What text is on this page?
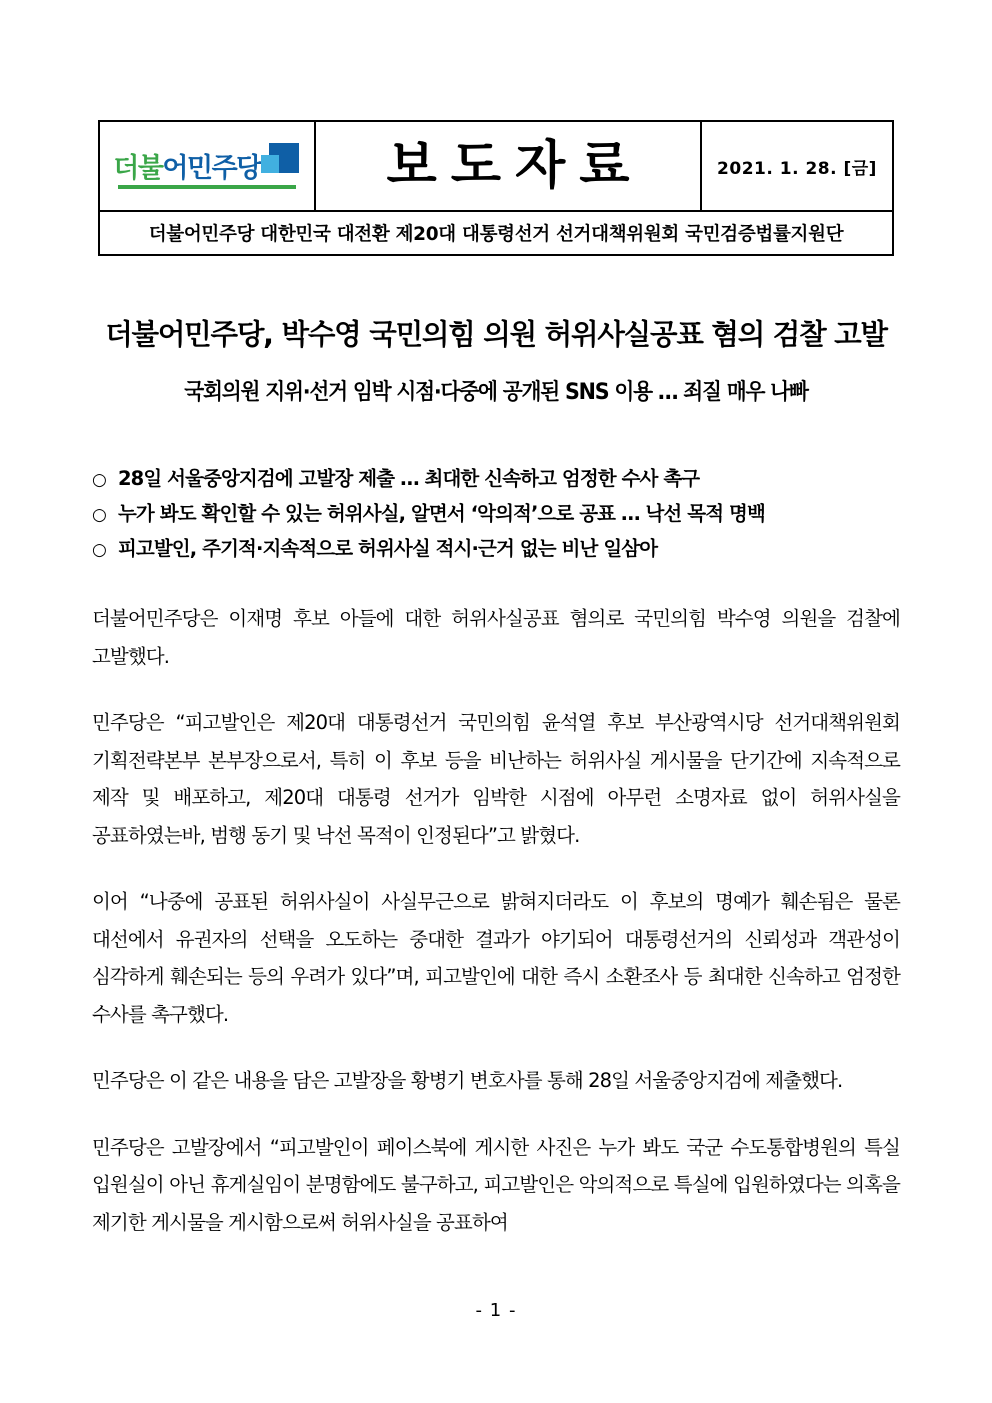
더불어민주당 보도자료	2021. 1. 28. [금]
더불어민주당 대한민국 대전환 제20대 대통령선거 선거대책위원회 국민검증법률지원단
더불어민주당, 박수영 국민의힘 의원 허위사실공표 혐의 검찰 고발
국회의원 지위·선거 임박 시점·다중에 공개된 SNS 이용 … 죄질 매우 나빠
○ 28일 서울중앙지검에 고발장 제출 … 최대한 신속하고 엄정한 수사 촉구
○ 누가 봐도 확인할 수 있는 허위사실, 알면서 ‘악의적’으로 공표 … 낙선 목적 명백
○ 피고발인, 주기적·지속적으로 허위사실 적시·근거 없는 비난 일삼아

더불어민주당은 이재명 후보 아들에 대한 허위사실공표 혐의로 국민의힘 박수영 의원을 검찰에 고발했다.

민주당은 “피고발인은 제20대 대통령선거 국민의힘 윤석열 후보 부산광역시당 선거대책위원회 기획전략본부 본부장으로서, 특히 이 후보 등을 비난하는 허위사실 게시물을 단기간에 지속적으로 제작 및 배포하고, 제20대 대통령 선거가 임박한 시점에 아무런 소명자료 없이 허위사실을 공표하였는바, 범행 동기 및 낙선 목적이 인정된다”고 밝혔다.

이어 “나중에 공표된 허위사실이 사실무근으로 밝혀지더라도 이 후보의 명예가 훼손됨은 물론 대선에서 유권자의 선택을 오도하는 중대한 결과가 야기되어 대통령선거의 신뢰성과 객관성이 심각하게 훼손되는 등의 우려가 있다”며, 피고발인에 대한 즉시 소환조사 등 최대한 신속하고 엄정한 수사를 촉구했다.

민주당은 이 같은 내용을 담은 고발장을 황병기 변호사를 통해 28일 서울중앙지검에 제출했다.

민주당은 고발장에서 “피고발인이 페이스북에 게시한 사진은 누가 봐도 국군 수도통합병원의 특실 입원실이 아닌 휴게실임이 분명함에도 불구하고, 피고발인은 악의적으로 특실에 입원하였다는 의혹을 제기한 게시물을 게시함으로써 허위사실을 공표하여

- 1 -
